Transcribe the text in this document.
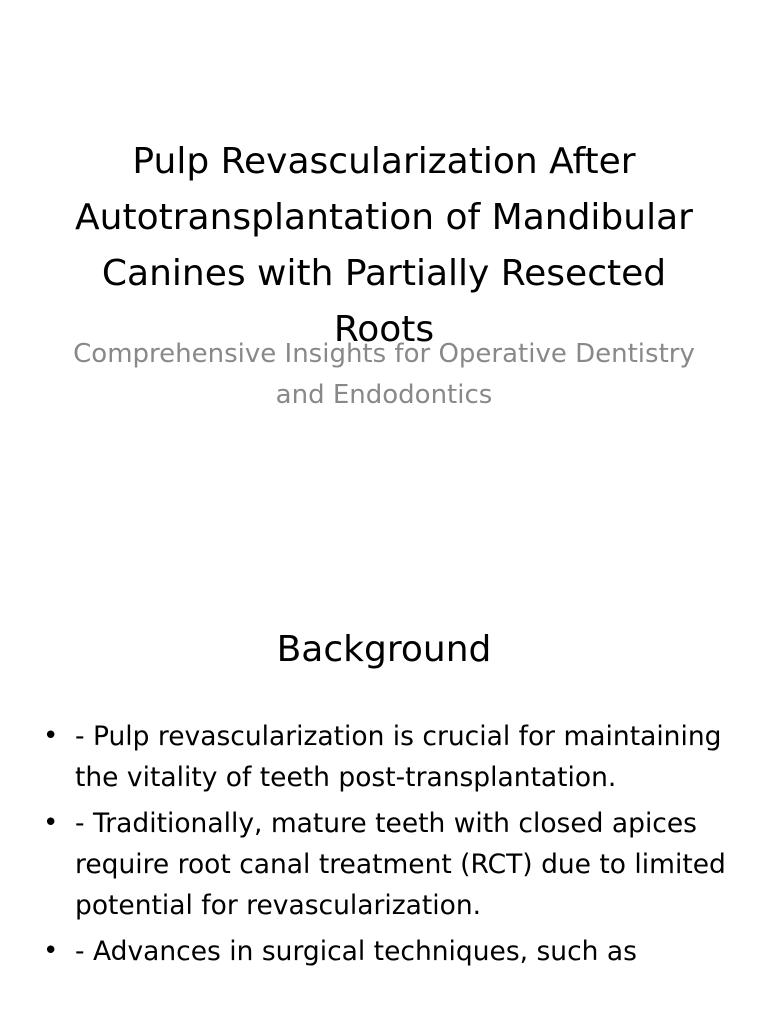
Pulp Revascularization After Autotransplantation of Mandibular Canines with Partially Resected Roots

Comprehensive Insights for Operative Dentistry and Endodontics

Background
• - Pulp revascularization is crucial for maintaining the vitality of teeth post-transplantation.
• - Traditionally, mature teeth with closed apices require root canal treatment (RCT) due to limited potential for revascularization.
• - Advances in surgical techniques, such as
